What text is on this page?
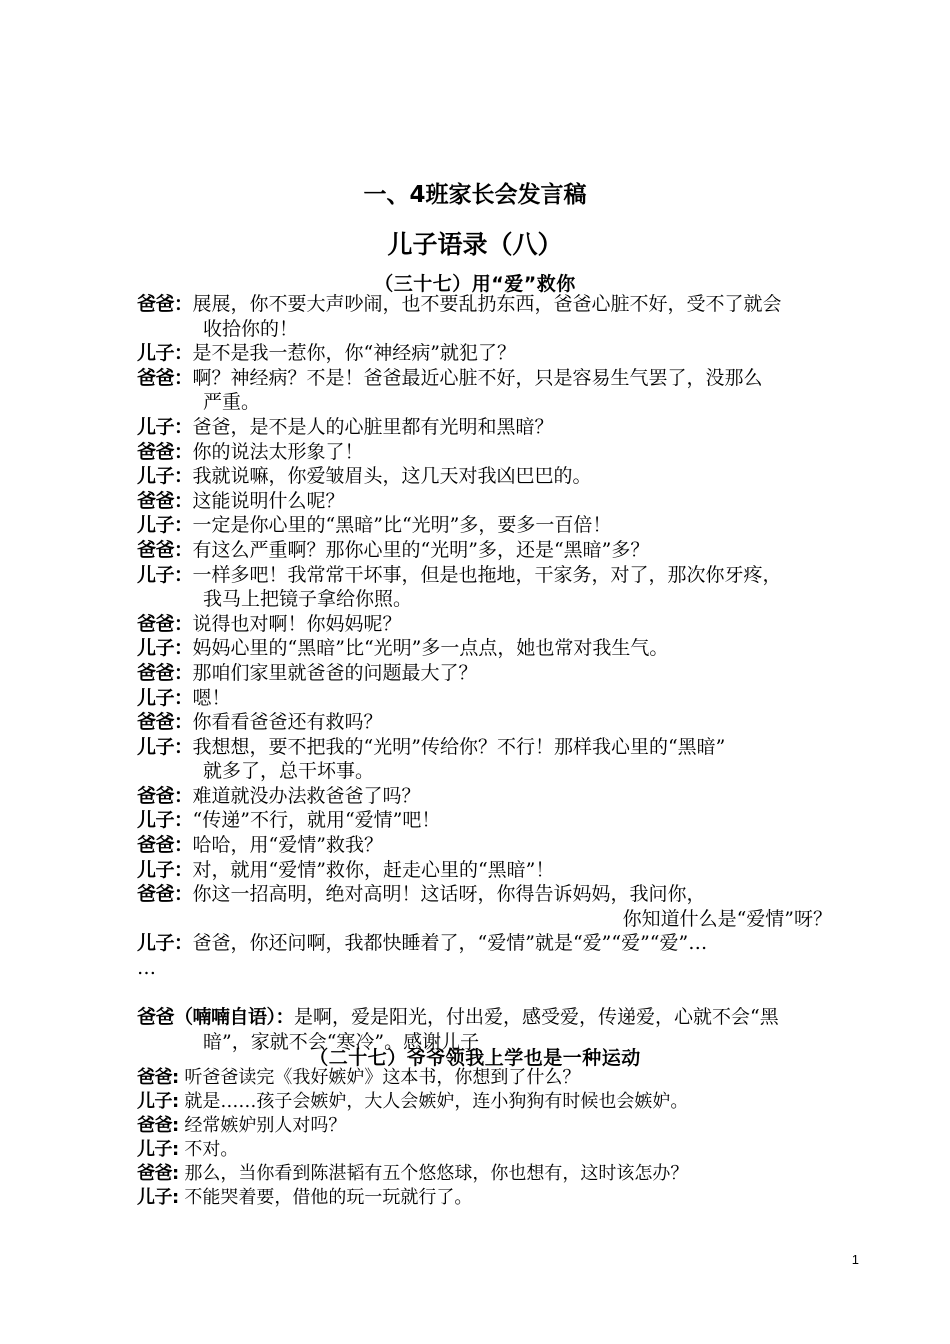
一、4班家长会发言稿
儿子语录（八）
（三十七）用“爱”救你
爸爸：展展，你不要大声吵闹，也不要乱扔东西，爸爸心脏不好，受不了就会
收拾你的！
儿子：是不是我一惹你，你“神经病”就犯了？
爸爸：啊？神经病？不是！爸爸最近心脏不好，只是容易生气罢了，没那么
严重。
儿子：爸爸，是不是人的心脏里都有光明和黑暗？
爸爸：你的说法太形象了！
儿子：我就说嘛，你爱皱眉头，这几天对我凶巴巴的。
爸爸：这能说明什么呢？
儿子：一定是你心里的“黑暗”比“光明”多，要多一百倍！
爸爸：有这么严重啊？那你心里的“光明”多，还是“黑暗”多？
儿子：一样多吧！我常常干坏事，但是也拖地，干家务，对了，那次你牙疼，
我马上把镜子拿给你照。
爸爸：说得也对啊！你妈妈呢？
儿子：妈妈心里的“黑暗”比“光明”多一点点，她也常对我生气。
爸爸：那咱们家里就爸爸的问题最大了？
儿子：嗯！
爸爸：你看看爸爸还有救吗？
儿子：我想想，要不把我的“光明”传给你？不行！那样我心里的“黑暗”
就多了，总干坏事。
爸爸：难道就没办法救爸爸了吗？
儿子：“传递”不行，就用“爱情”吧！
爸爸：哈哈，用“爱情”救我？
儿子：对，就用“爱情”救你，赶走心里的“黑暗”！
爸爸：你这一招高明，绝对高明！这话呀，你得告诉妈妈，我问你，
你知道什么是“爱情”呀？
儿子：爸爸，你还问啊，我都快睡着了，“爱情”就是“爱”“爱”“爱”…
…
爸爸（喃喃自语）：是啊，爱是阳光，付出爱，感受爱，传递爱，心就不会“黑
暗”，家就不会“寒冷”。感谢儿子
（二十七）爷爷领我上学也是一种运动
爸爸: 听爸爸读完《我好嫉妒》这本书，你想到了什么？
儿子: 就是……孩子会嫉妒，大人会嫉妒，连小狗狗有时候也会嫉妒。
爸爸: 经常嫉妒别人对吗？
儿子: 不对。
爸爸: 那么，当你看到陈湛韬有五个悠悠球，你也想有，这时该怎办？
儿子: 不能哭着要，借他的玩一玩就行了。
1
